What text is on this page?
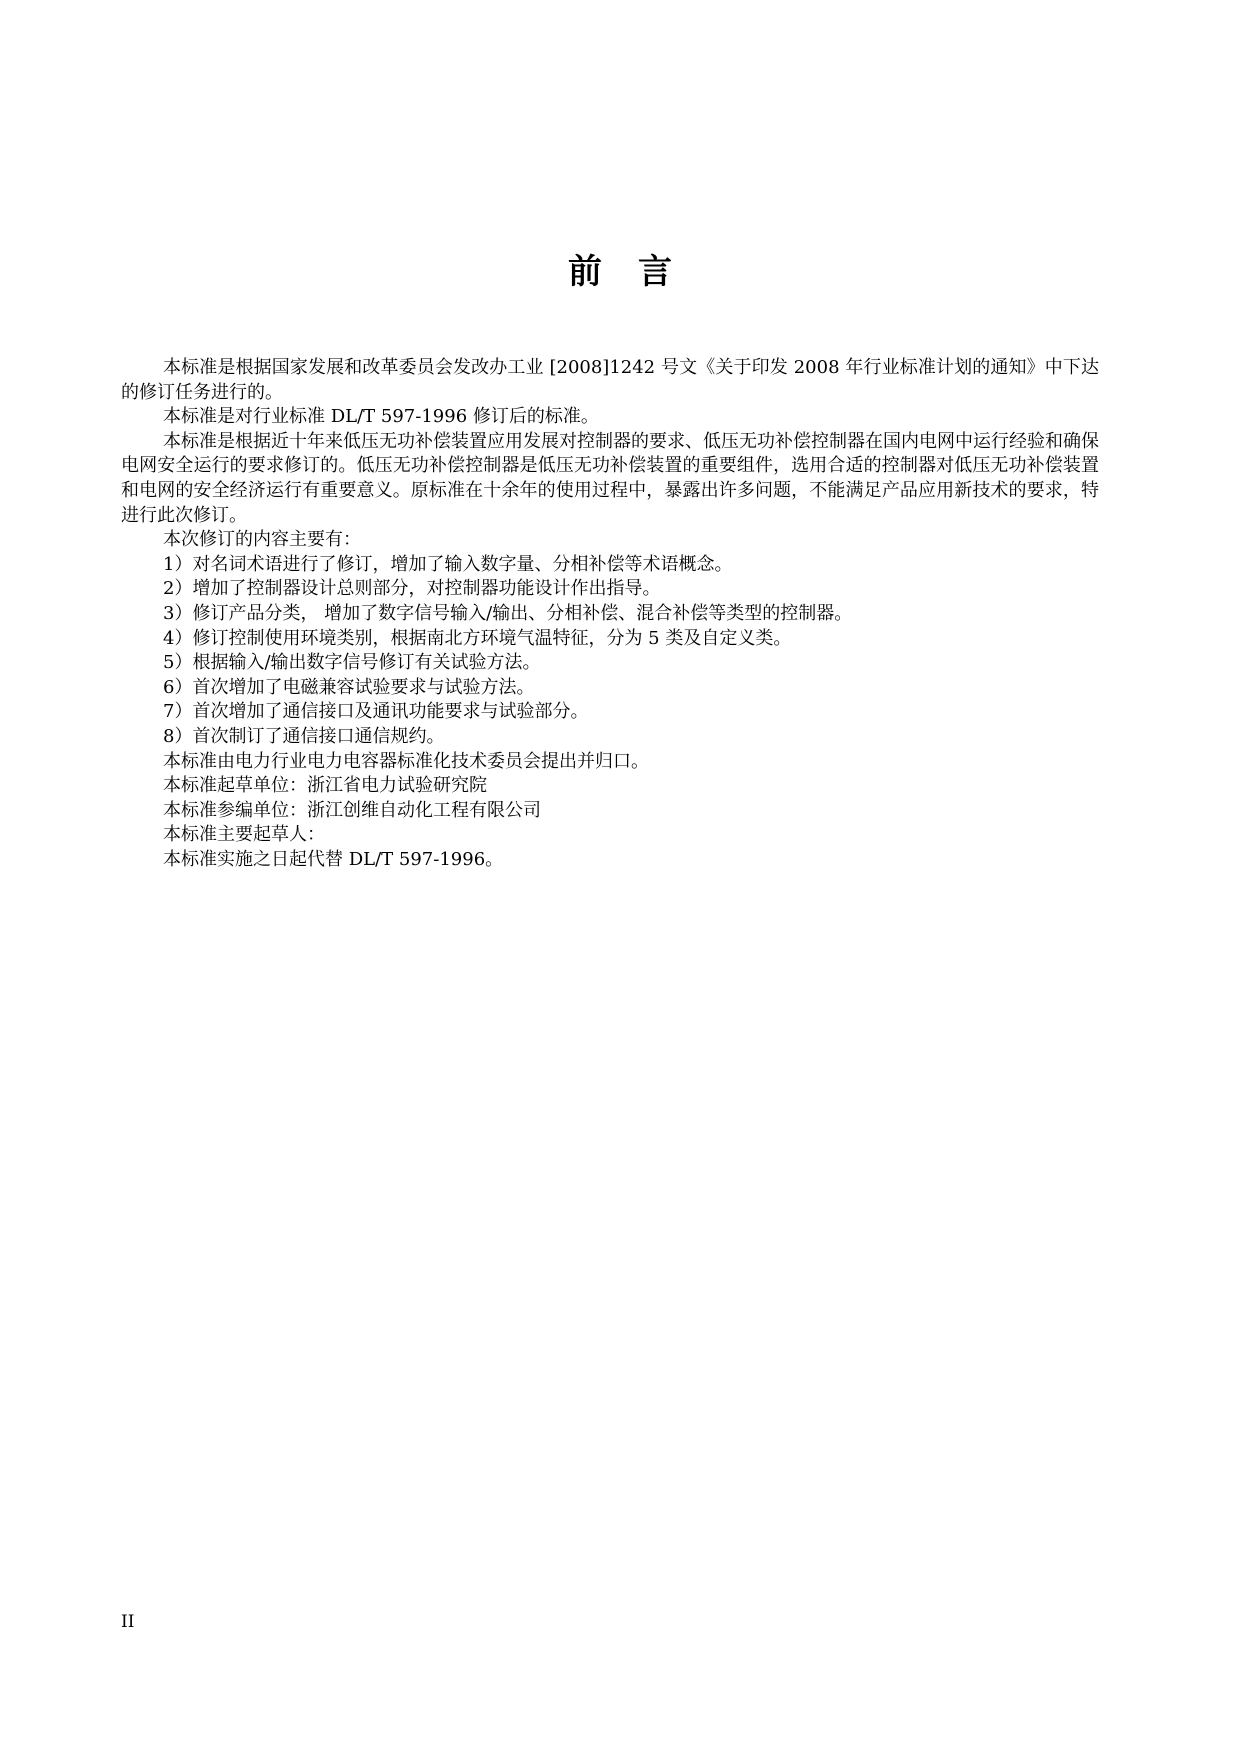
前言

本标准是根据国家发展和改革委员会发改办工业 [2008]1242 号文《关于印发 2008 年行业标准计划的通知》中下达的修订任务进行的。

本标准是对行业标准 DL/T 597-1996 修订后的标准。

本标准是根据近十年来低压无功补偿装置应用发展对控制器的要求、低压无功补偿控制器在国内电网中运行经验和确保电网安全运行的要求修订的。低压无功补偿控制器是低压无功补偿装置的重要组件，选用合适的控制器对低压无功补偿装置和电网的安全经济运行有重要意义。原标准在十余年的使用过程中，暴露出许多问题，不能满足产品应用新技术的要求，特进行此次修订。

本次修订的内容主要有：

1）对名词术语进行了修订，增加了输入数字量、分相补偿等术语概念。

2）增加了控制器设计总则部分，对控制器功能设计作出指导。

3）修订产品分类， 增加了数字信号输入/输出、分相补偿、混合补偿等类型的控制器。

4）修订控制使用环境类别，根据南北方环境气温特征，分为 5 类及自定义类。

5）根据输入/输出数字信号修订有关试验方法。

6）首次增加了电磁兼容试验要求与试验方法。

7）首次增加了通信接口及通讯功能要求与试验部分。

8）首次制订了通信接口通信规约。

本标准由电力行业电力电容器标准化技术委员会提出并归口。

本标准起草单位：浙江省电力试验研究院

本标准参编单位：浙江创维自动化工程有限公司

本标准主要起草人：

本标准实施之日起代替 DL/T 597-1996。

II
